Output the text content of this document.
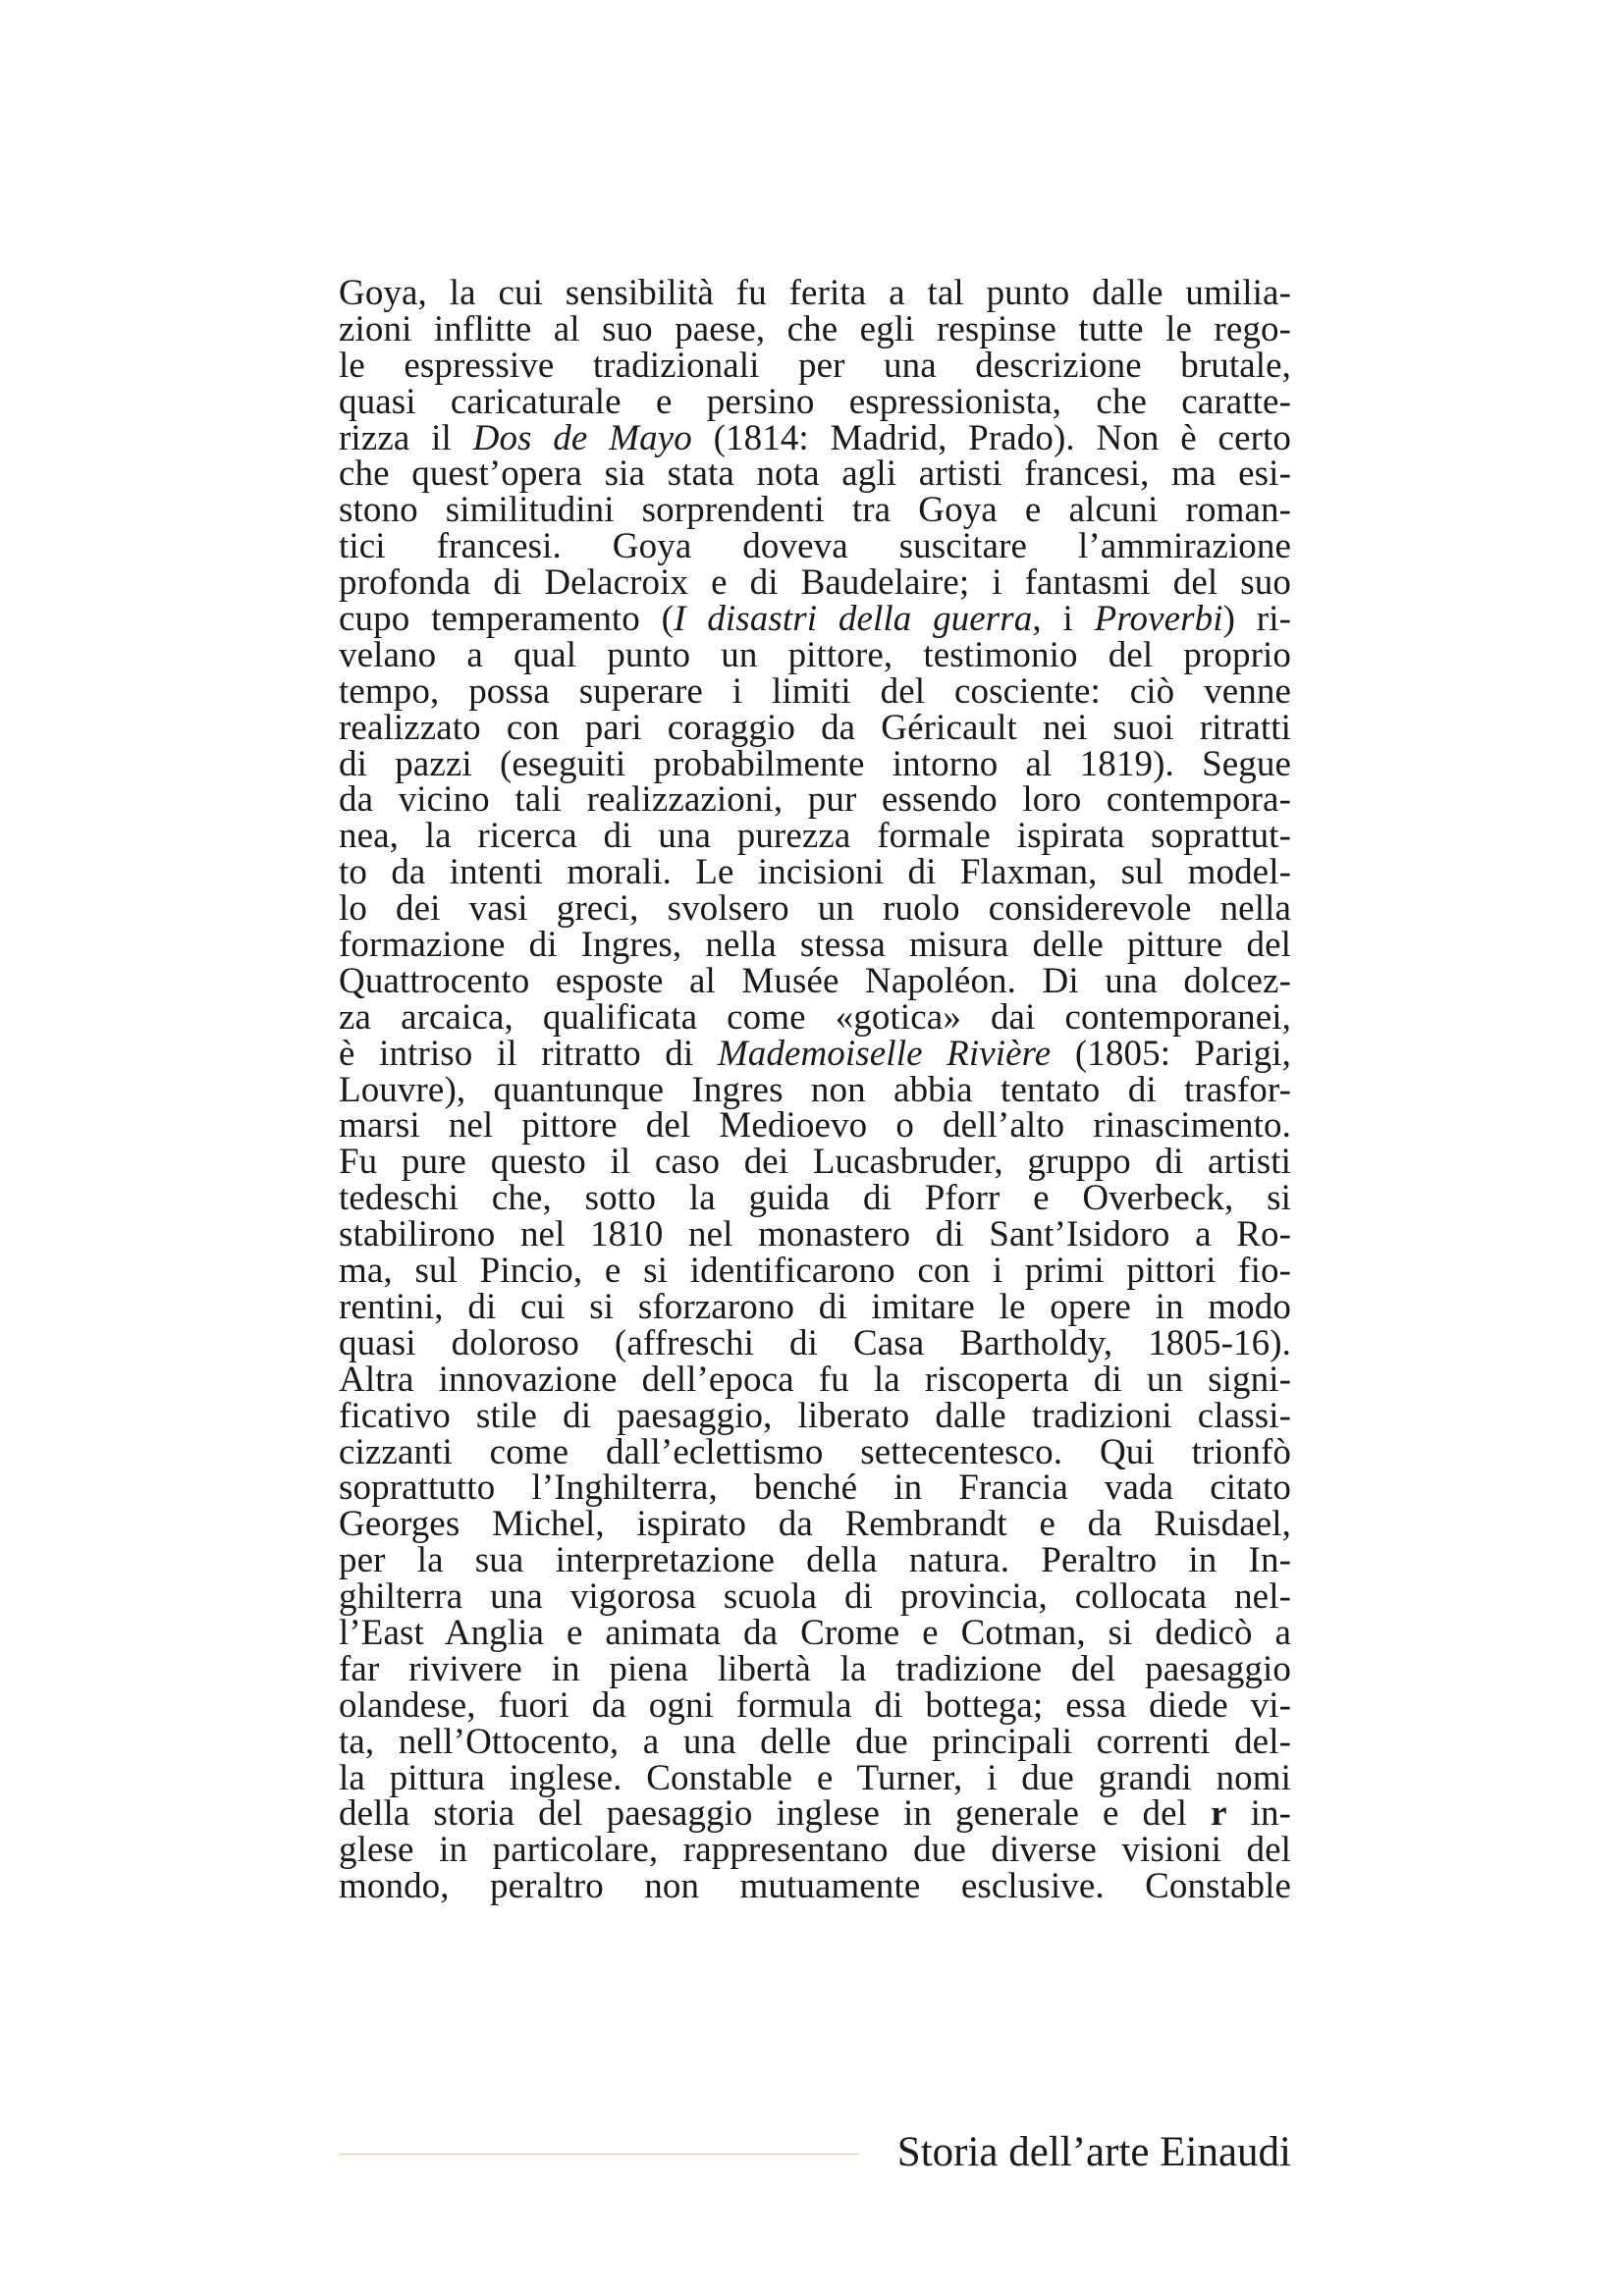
Goya, la cui sensibilità fu ferita a tal punto dalle umilia-
zioni inflitte al suo paese, che egli respinse tutte le rego-
le espressive tradizionali per una descrizione brutale,
quasi caricaturale e persino espressionista, che caratte-
rizza il Dos de Mayo (1814: Madrid, Prado). Non è certo
che quest’opera sia stata nota agli artisti francesi, ma esi-
stono similitudini sorprendenti tra Goya e alcuni roman-
tici francesi. Goya doveva suscitare l’ammirazione
profonda di Delacroix e di Baudelaire; i fantasmi del suo
cupo temperamento (I disastri della guerra, i Proverbi) ri-
velano a qual punto un pittore, testimonio del proprio
tempo, possa superare i limiti del cosciente: ciò venne
realizzato con pari coraggio da Géricault nei suoi ritratti
di pazzi (eseguiti probabilmente intorno al 1819). Segue
da vicino tali realizzazioni, pur essendo loro contempora-
nea, la ricerca di una purezza formale ispirata soprattut-
to da intenti morali. Le incisioni di Flaxman, sul model-
lo dei vasi greci, svolsero un ruolo considerevole nella
formazione di Ingres, nella stessa misura delle pitture del
Quattrocento esposte al Musée Napoléon. Di una dolcez-
za arcaica, qualificata come «gotica» dai contemporanei,
è intriso il ritratto di Mademoiselle Rivière (1805: Parigi,
Louvre), quantunque Ingres non abbia tentato di trasfor-
marsi nel pittore del Medioevo o dell’alto rinascimento.
Fu pure questo il caso dei Lucasbruder, gruppo di artisti
tedeschi che, sotto la guida di Pforr e Overbeck, si
stabilirono nel 1810 nel monastero di Sant’Isidoro a Ro-
ma, sul Pincio, e si identificarono con i primi pittori fio-
rentini, di cui si sforzarono di imitare le opere in modo
quasi doloroso (affreschi di Casa Bartholdy, 1805-16).
Altra innovazione dell’epoca fu la riscoperta di un signi-
ficativo stile di paesaggio, liberato dalle tradizioni classi-
cizzanti come dall’eclettismo settecentesco. Qui trionfò
soprattutto l’Inghilterra, benché in Francia vada citato
Georges Michel, ispirato da Rembrandt e da Ruisdael,
per la sua interpretazione della natura. Peraltro in In-
ghilterra una vigorosa scuola di provincia, collocata nel-
l’East Anglia e animata da Crome e Cotman, si dedicò a
far rivivere in piena libertà la tradizione del paesaggio
olandese, fuori da ogni formula di bottega; essa diede vi-
ta, nell’Ottocento, a una delle due principali correnti del-
la pittura inglese. Constable e Turner, i due grandi nomi
della storia del paesaggio inglese in generale e del r in-
glese in particolare, rappresentano due diverse visioni del
mondo, peraltro non mutuamente esclusive. Constable
Storia dell’arte Einaudi
